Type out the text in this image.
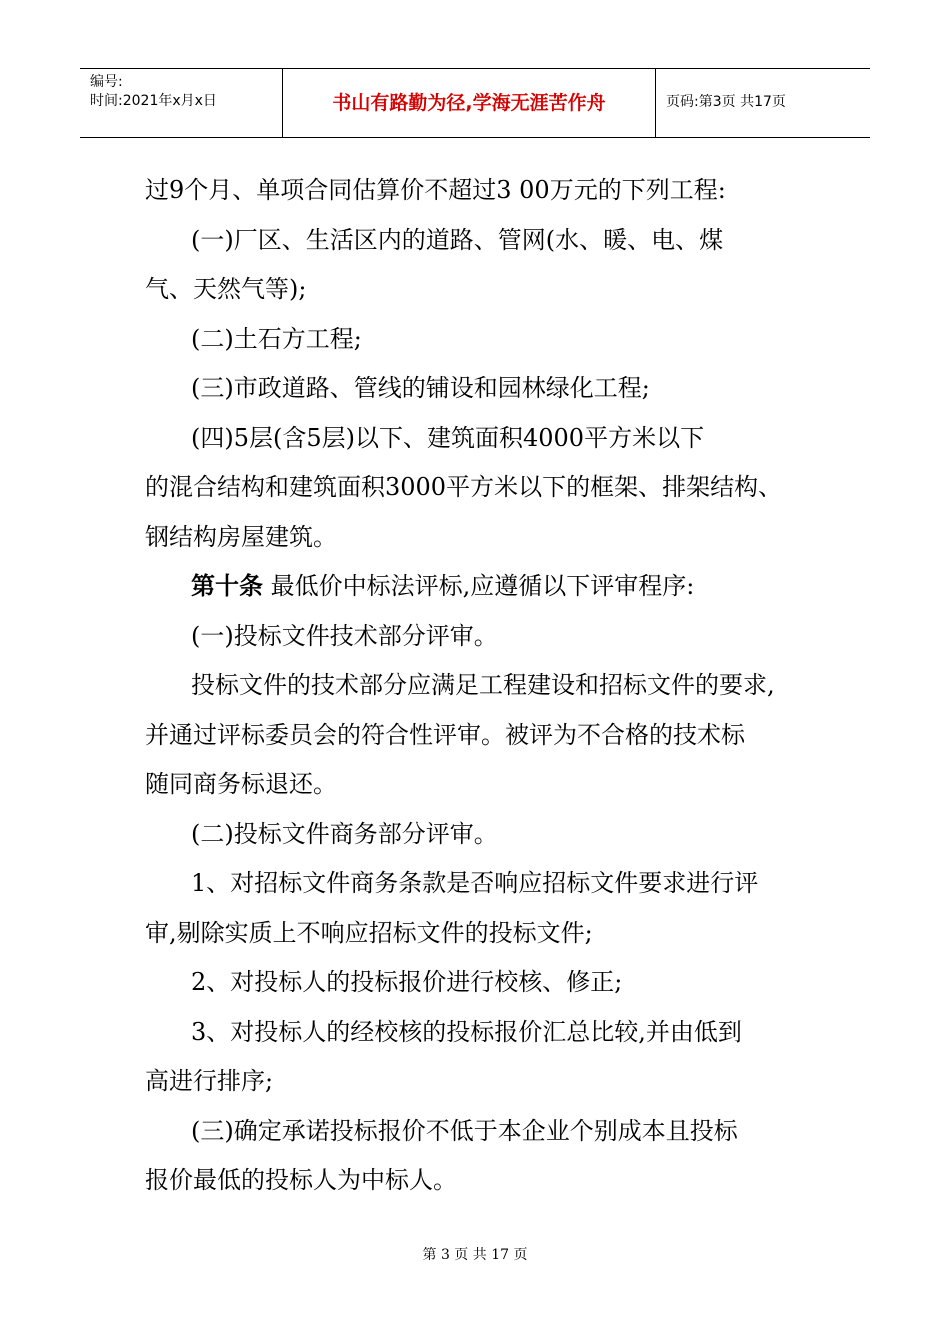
编号:
时间:2021年x月x日	书山有路勤为径,学海无涯苦作舟	页码:第3页 共17页

过9个月、单项合同估算价不超过3 00万元的下列工程:

(一)厂区、生活区内的道路、管网(水、暖、电、煤

气、天然气等);

(二)土石方工程;

(三)市政道路、管线的铺设和园林绿化工程;

(四)5层(含5层)以下、建筑面积4000平方米以下

的混合结构和建筑面积3000平方米以下的框架、排架结构、

钢结构房屋建筑。

第十条 最低价中标法评标,应遵循以下评审程序:

(一)投标文件技术部分评审。

投标文件的技术部分应满足工程建设和招标文件的要求,

并通过评标委员会的符合性评审。被评为不合格的技术标

随同商务标退还。

(二)投标文件商务部分评审。

1、对招标文件商务条款是否响应招标文件要求进行评

审,剔除实质上不响应招标文件的投标文件;

2、对投标人的投标报价进行校核、修正;

3、对投标人的经校核的投标报价汇总比较,并由低到

高进行排序;

(三)确定承诺投标报价不低于本企业个别成本且投标

报价最低的投标人为中标人。

第 3 页 共 17 页
